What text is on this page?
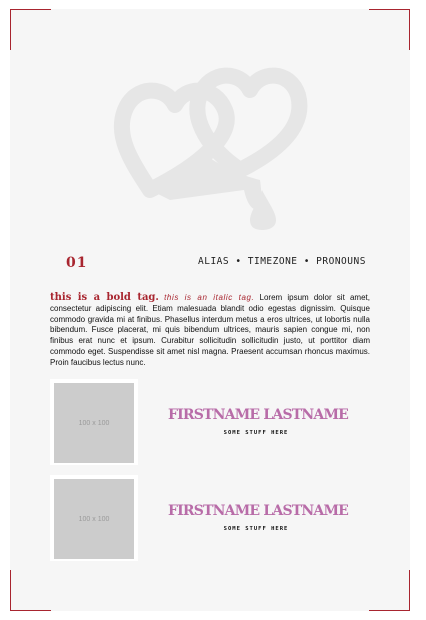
01	ALIAS • TIMEZONE • PRONOUNS
this is a bold tag. this is an italic tag. Lorem ipsum dolor sit amet, consectetur adipiscing elit. Etiam malesuada blandit odio egestas dignissim. Quisque commodo gravida mi at finibus. Phasellus interdum metus a eros ultrices, ut lobortis nulla bibendum. Fusce placerat, mi quis bibendum ultrices, mauris sapien congue mi, non finibus erat nunc et ipsum. Curabitur sollicitudin sollicitudin justo, ut porttitor diam commodo eget. Suspendisse sit amet nisl magna. Praesent accumsan rhoncus maximus. Proin faucibus lectus nunc.
100 x 100	FIRSTNAME LASTNAME
SOME STUFF HERE
100 x 100	FIRSTNAME LASTNAME
SOME STUFF HERE
